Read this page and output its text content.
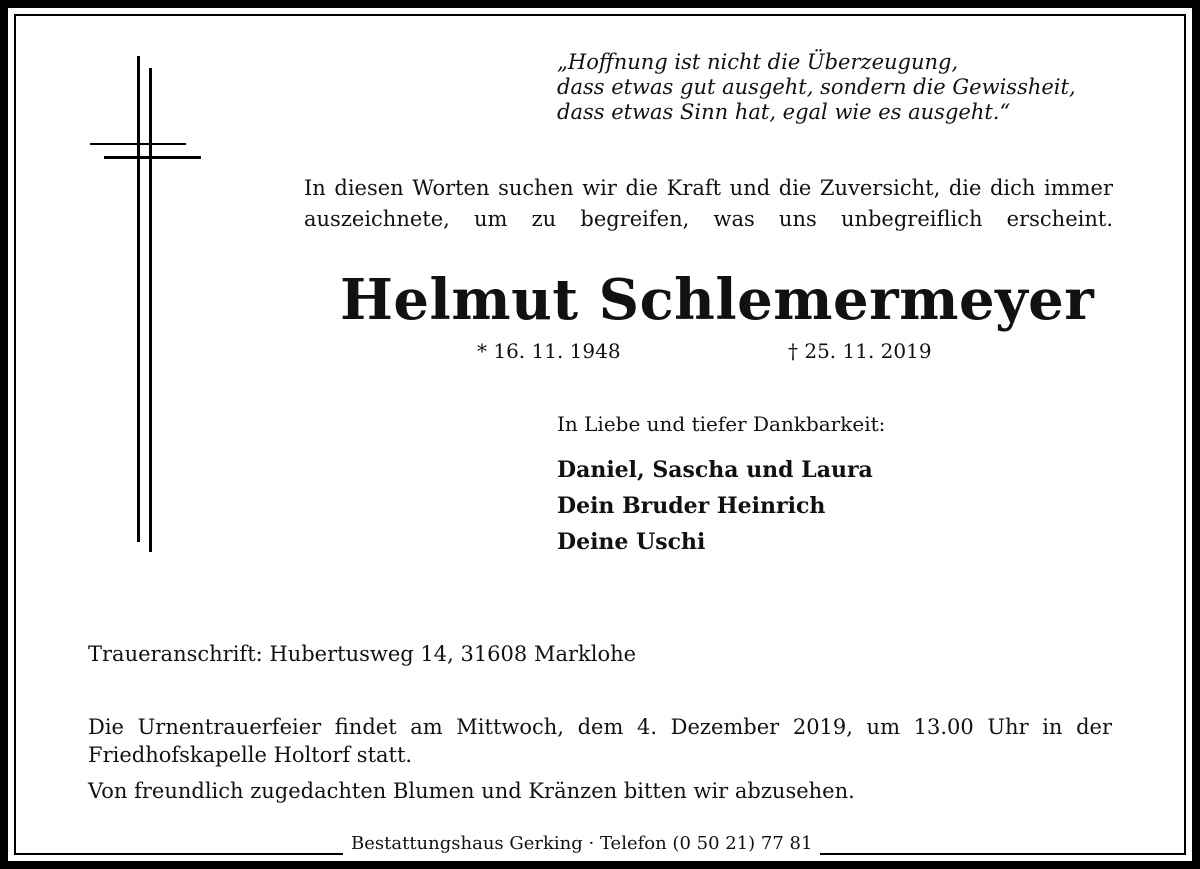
„Hoffnung ist nicht die Überzeugung,
dass etwas gut ausgeht, sondern die Gewissheit,
dass etwas Sinn hat, egal wie es ausgeht.“
In diesen Worten suchen wir die Kraft und die Zuversicht, die dich immer auszeichnete, um zu begreifen, was uns unbegreiflich erscheint.
Helmut Schlemermeyer
* 16. 11. 1948	† 25. 11. 2019
In Liebe und tiefer Dankbarkeit:
Daniel, Sascha und Laura
Dein Bruder Heinrich
Deine Uschi
Traueranschrift: Hubertusweg 14, 31608 Marklohe
Die Urnentrauerfeier findet am Mittwoch, dem 4. Dezember 2019, um 13.00 Uhr in der
Friedhofskapelle Holtorf statt.
Von freundlich zugedachten Blumen und Kränzen bitten wir abzusehen.
Bestattungshaus Gerking · Telefon (0 50 21) 77 81
